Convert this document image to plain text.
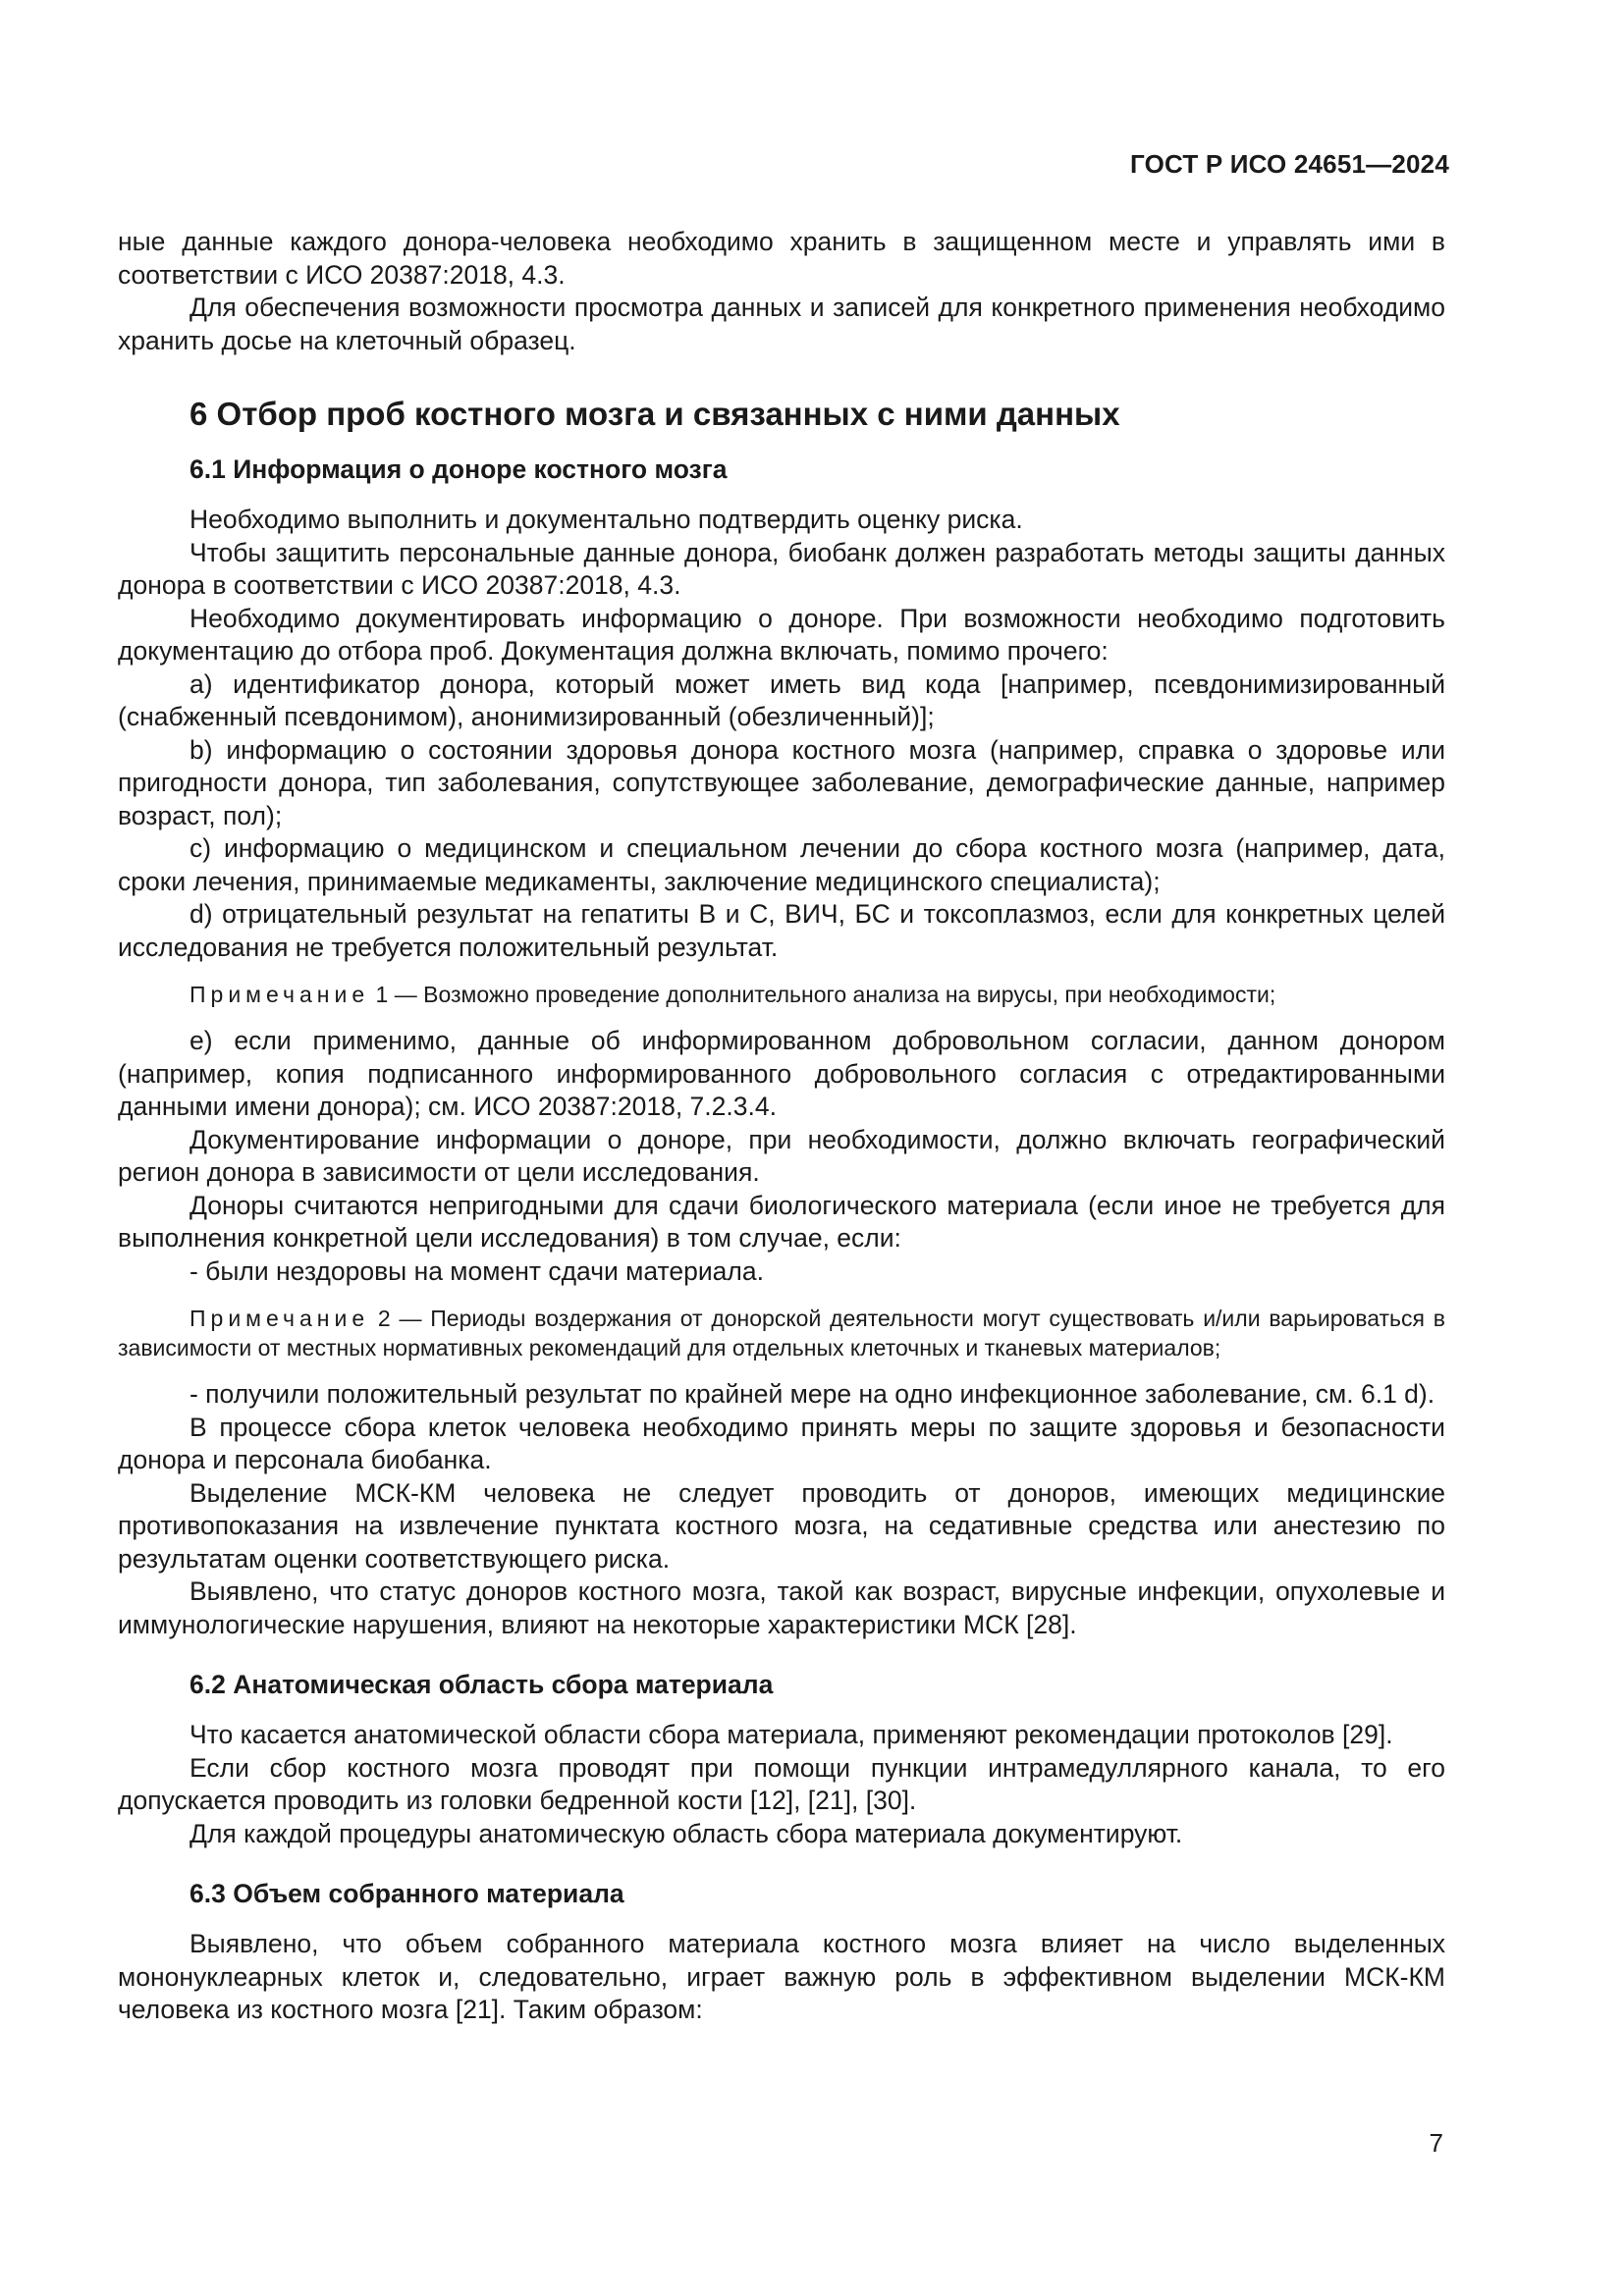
ГОСТ Р ИСО 24651—2024

ные данные каждого донора-человека необходимо хранить в защищенном месте и управлять ими в соответствии с ИСО 20387:2018, 4.3.

Для обеспечения возможности просмотра данных и записей для конкретного применения необходимо хранить досье на клеточный образец.

6 Отбор проб костного мозга и связанных с ними данных

6.1 Информация о доноре костного мозга

Необходимо выполнить и документально подтвердить оценку риска.

Чтобы защитить персональные данные донора, биобанк должен разработать методы защиты данных донора в соответствии с ИСО 20387:2018, 4.3.

Необходимо документировать информацию о доноре. При возможности необходимо подготовить документацию до отбора проб. Документация должна включать, помимо прочего:

a) идентификатор донора, который может иметь вид кода [например, псевдонимизированный (снабженный псевдонимом), анонимизированный (обезличенный)];

b) информацию о состоянии здоровья донора костного мозга (например, справка о здоровье или пригодности донора, тип заболевания, сопутствующее заболевание, демографические данные, например возраст, пол);

c) информацию о медицинском и специальном лечении до сбора костного мозга (например, дата, сроки лечения, принимаемые медикаменты, заключение медицинского специалиста);

d) отрицательный результат на гепатиты В и С, ВИЧ, БС и токсоплазмоз, если для конкретных целей исследования не требуется положительный результат.

Примечание 1 — Возможно проведение дополнительного анализа на вирусы, при необходимости;

e) если применимо, данные об информированном добровольном согласии, данном донором (например, копия подписанного информированного добровольного согласия с отредактированными данными имени донора); см. ИСО 20387:2018, 7.2.3.4.

Документирование информации о доноре, при необходимости, должно включать географический регион донора в зависимости от цели исследования.

Доноры считаются непригодными для сдачи биологического материала (если иное не требуется для выполнения конкретной цели исследования) в том случае, если:

- были нездоровы на момент сдачи материала.

Примечание 2 — Периоды воздержания от донорской деятельности могут существовать и/или варьироваться в зависимости от местных нормативных рекомендаций для отдельных клеточных и тканевых материалов;

- получили положительный результат по крайней мере на одно инфекционное заболевание, см. 6.1 d).

В процессе сбора клеток человека необходимо принять меры по защите здоровья и безопасности донора и персонала биобанка.

Выделение МСК-КМ человека не следует проводить от доноров, имеющих медицинские противопоказания на извлечение пунктата костного мозга, на седативные средства или анестезию по результатам оценки соответствующего риска.

Выявлено, что статус доноров костного мозга, такой как возраст, вирусные инфекции, опухолевые и иммунологические нарушения, влияют на некоторые характеристики МСК [28].

6.2 Анатомическая область сбора материала

Что касается анатомической области сбора материала, применяют рекомендации протоколов [29].

Если сбор костного мозга проводят при помощи пункции интрамедуллярного канала, то его допускается проводить из головки бедренной кости [12], [21], [30].

Для каждой процедуры анатомическую область сбора материала документируют.

6.3 Объем собранного материала

Выявлено, что объем собранного материала костного мозга влияет на число выделенных мононуклеарных клеток и, следовательно, играет важную роль в эффективном выделении МСК-КМ человека из костного мозга [21]. Таким образом:

7
